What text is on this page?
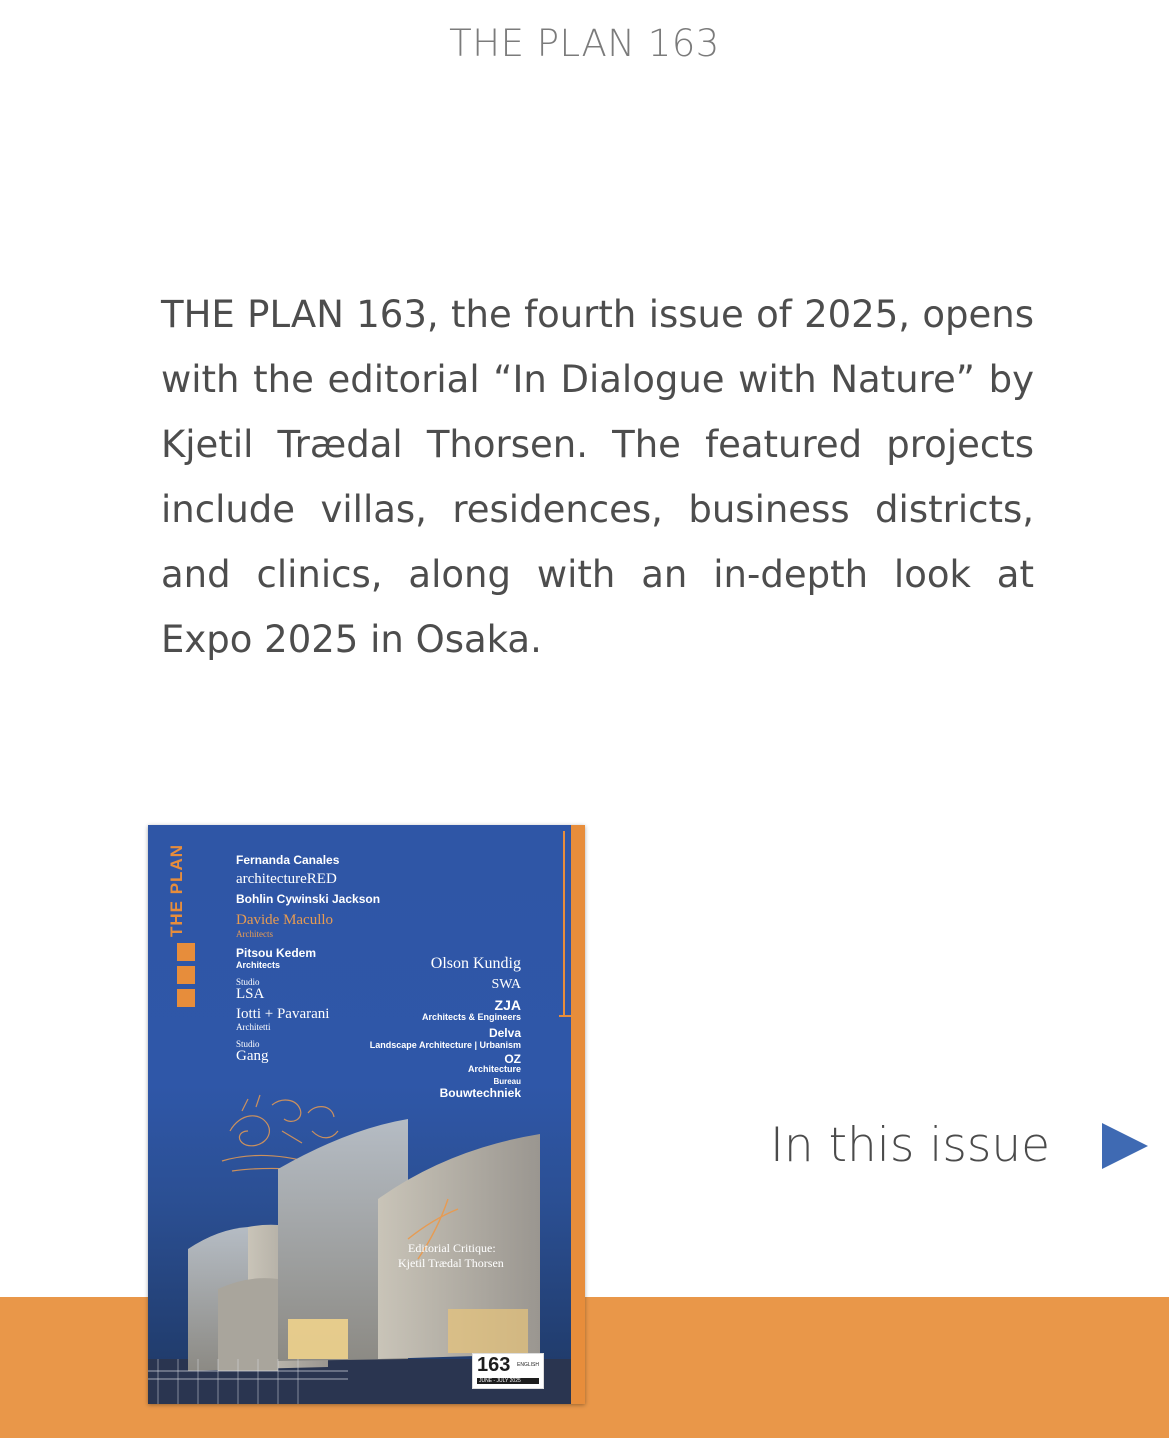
THE PLAN 163
THE PLAN 163, the fourth issue of 2025, opens with the editorial “In Dialogue with Nature” by Kjetil Trædal Thorsen. The featured projects include villas, residences, business districts, and clinics, along with an in-depth look at Expo 2025 in Osaka.
THE PLAN	Fernanda Canales
architectureRED
Bohlin Cywinski Jackson
Davide Macullo
Architects
Pitsou Kedem
Architects
Studio
LSA
Iotti + Pavarani
Architetti
Studio
Gang
Olson Kundig
SWA
ZJA
Architects & Engineers
Delva
Landscape Architecture | Urbanism
OZ
Architecture
Bureau
Bouwtechniek
Editorial Critique:
Kjetil Trædal Thorsen
163 ENGLISH
JUNE - JULY 2025
In this issue
